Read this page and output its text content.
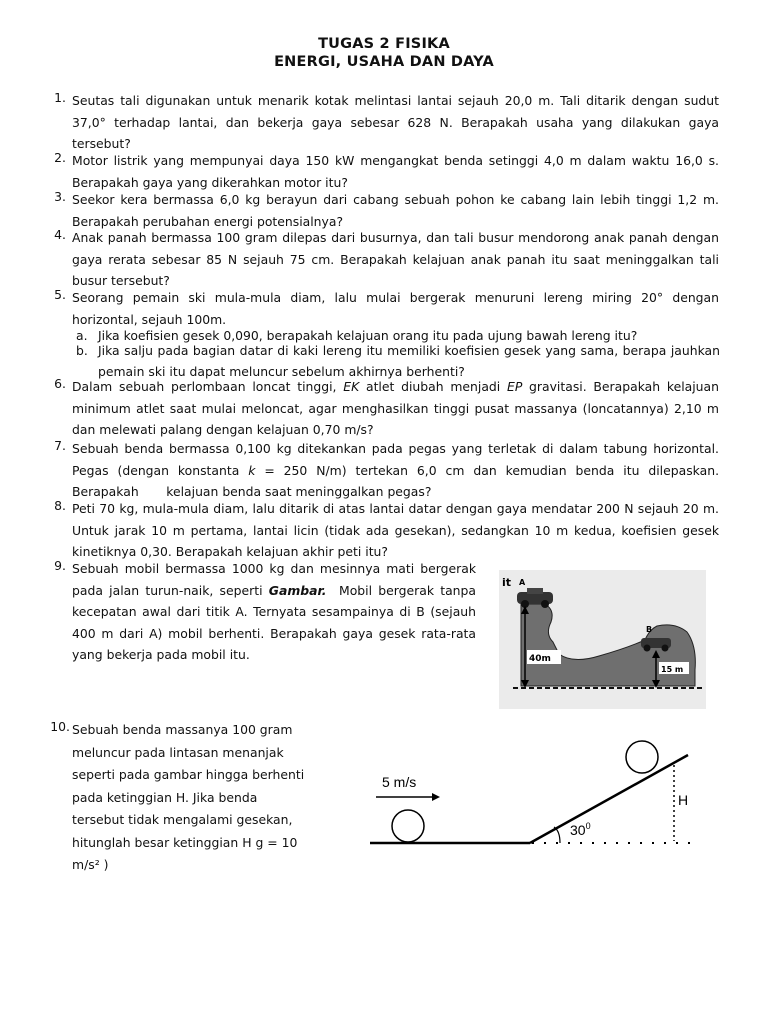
TUGAS 2 FISIKA
ENERGI, USAHA DAN DAYA
1. Seutas tali digunakan untuk menarik kotak melintasi lantai sejauh 20,0 m. Tali ditarik dengan sudut 37,0° terhadap lantai, dan bekerja gaya sebesar 628 N. Berapakah usaha yang dilakukan gaya tersebut?

2. Motor listrik yang mempunyai daya 150 kW mengangkat benda setinggi 4,0 m dalam waktu 16,0 s. Berapakah gaya yang dikerahkan motor itu?

3. Seekor kera bermassa 6,0 kg berayun dari cabang sebuah pohon ke cabang lain lebih tinggi 1,2 m. Berapakah perubahan energi potensialnya?

4. Anak panah bermassa 100 gram dilepas dari busurnya, dan tali busur mendorong anak panah dengan gaya rerata sebesar 85 N sejauh 75 cm. Berapakah kelajuan anak panah itu saat meninggalkan tali busur tersebut?

5. Seorang pemain ski mula-mula diam, lalu mulai bergerak menuruni lereng miring 20° dengan horizontal, sejauh 100m.

a. Jika koefisien gesek 0,090, berapakah kelajuan orang itu pada ujung bawah lereng itu?
b. Jika salju pada bagian datar di kaki lereng itu memiliki koefisien gesek yang sama, berapa jauhkan pemain ski itu dapat meluncur sebelum akhirnya berhenti?
6. Dalam sebuah perlombaan loncat tinggi, EK atlet diubah menjadi EP gravitasi. Berapakah kelajuan minimum atlet saat mulai meloncat, agar menghasilkan tinggi pusat massanya (loncatannya) 2,10 m dan melewati palang dengan kelajuan 0,70 m/s?

7. Sebuah benda bermassa 0,100 kg ditekankan pada pegas yang terletak di dalam tabung horizontal. Pegas (dengan konstanta k = 250 N/m) tertekan 6,0 cm dan kemudian benda itu dilepaskan. Berapakah       kelajuan benda saat meninggalkan pegas?

8. Peti 70 kg, mula-mula diam, lalu ditarik di atas lantai datar dengan gaya mendatar 200 N sejauh 20 m. Untuk jarak 10 m pertama, lantai licin (tidak ada gesekan), sedangkan 10 m kedua, koefisien gesek kinetiknya 0,30. Berapakah kelajuan akhir peti itu?

9. Sebuah mobil bermassa 1000 kg dan mesinnya mati bergerak pada jalan turun-naik, seperti Gambar.  Mobil bergerak tanpa kecepatan awal dari titik A. Ternyata sesampainya di B (sejauh 400 m dari A) mobil berhenti. Berapakah gaya gesek rata-rata yang bekerja pada mobil itu.

it A
B
40m
15 m
10. Sebuah benda massanya 100 gram meluncur pada lintasan menanjak seperti pada gambar hingga berhenti pada ketinggian H. Jika benda tersebut tidak mengalami gesekan, hitunglah besar ketinggian H g = 10 m/s² )

5 m/s
$30^0$
H
